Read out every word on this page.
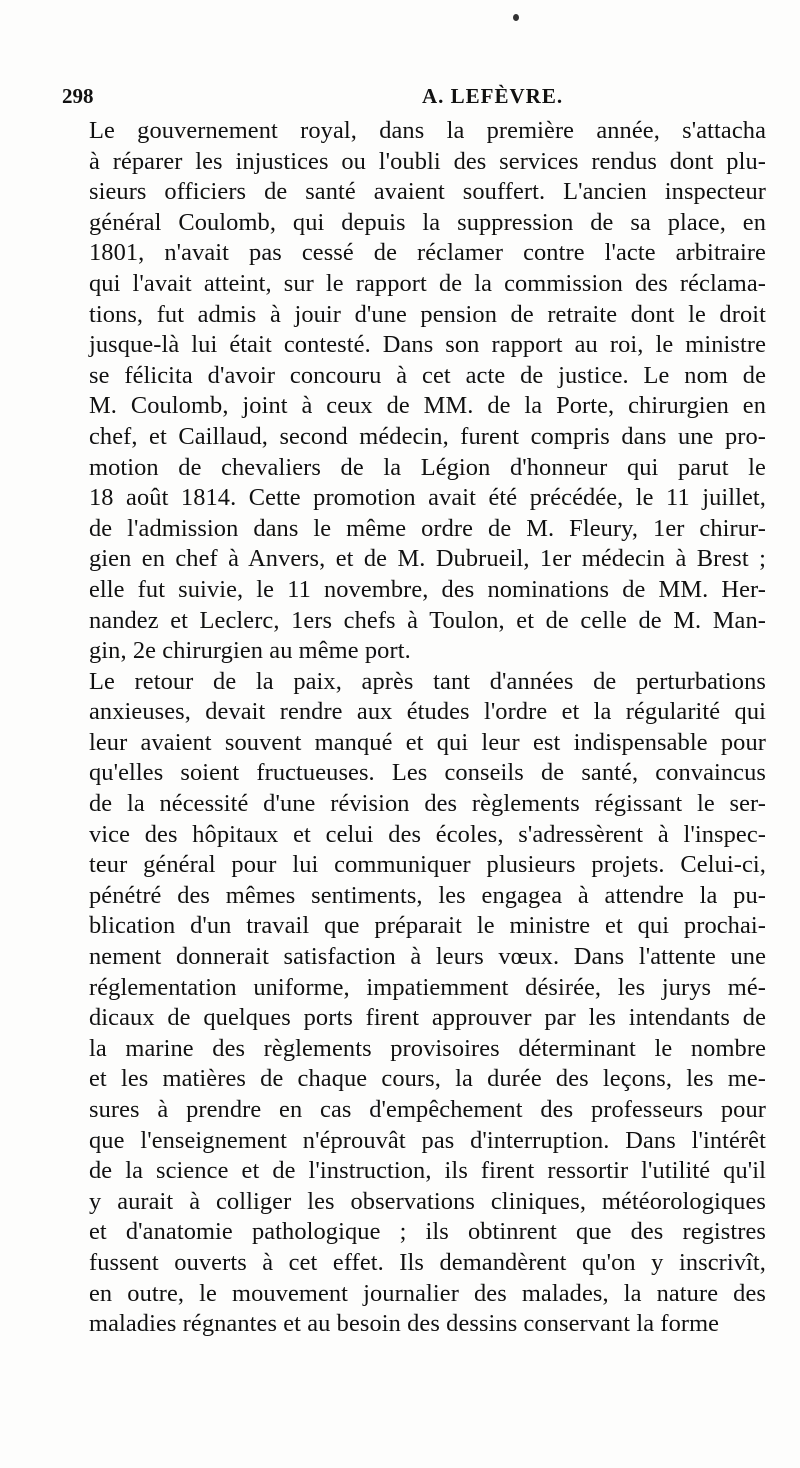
298	A. LEFÈVRE.

Le gouvernement royal, dans la première année, s'attacha
à réparer les injustices ou l'oubli des services rendus dont plu-
sieurs officiers de santé avaient souffert. L'ancien inspecteur
général Coulomb, qui depuis la suppression de sa place, en
1801, n'avait pas cessé de réclamer contre l'acte arbitraire
qui l'avait atteint, sur le rapport de la commission des réclama-
tions, fut admis à jouir d'une pension de retraite dont le droit
jusque-là lui était contesté. Dans son rapport au roi, le ministre
se félicita d'avoir concouru à cet acte de justice. Le nom de
M. Coulomb, joint à ceux de MM. de la Porte, chirurgien en
chef, et Caillaud, second médecin, furent compris dans une pro-
motion de chevaliers de la Légion d'honneur qui parut le
18 août 1814. Cette promotion avait été précédée, le 11 juillet,
de l'admission dans le même ordre de M. Fleury, 1er chirur-
gien en chef à Anvers, et de M. Dubrueil, 1er médecin à Brest ;
elle fut suivie, le 11 novembre, des nominations de MM. Her-
nandez et Leclerc, 1ers chefs à Toulon, et de celle de M. Man-
gin, 2e chirurgien au même port.

Le retour de la paix, après tant d'années de perturbations
anxieuses, devait rendre aux études l'ordre et la régularité qui
leur avaient souvent manqué et qui leur est indispensable pour
qu'elles soient fructueuses. Les conseils de santé, convaincus
de la nécessité d'une révision des règlements régissant le ser-
vice des hôpitaux et celui des écoles, s'adressèrent à l'inspec-
teur général pour lui communiquer plusieurs projets. Celui-ci,
pénétré des mêmes sentiments, les engagea à attendre la pu-
blication d'un travail que préparait le ministre et qui prochai-
nement donnerait satisfaction à leurs vœux. Dans l'attente une
réglementation uniforme, impatiemment désirée, les jurys mé-
dicaux de quelques ports firent approuver par les intendants de
la marine des règlements provisoires déterminant le nombre
et les matières de chaque cours, la durée des leçons, les me-
sures à prendre en cas d'empêchement des professeurs pour
que l'enseignement n'éprouvât pas d'interruption. Dans l'intérêt
de la science et de l'instruction, ils firent ressortir l'utilité qu'il
y aurait à colliger les observations cliniques, météorologiques
et d'anatomie pathologique ; ils obtinrent que des registres
fussent ouverts à cet effet. Ils demandèrent qu'on y inscrivît,
en outre, le mouvement journalier des malades, la nature des
maladies régnantes et au besoin des dessins conservant la forme
